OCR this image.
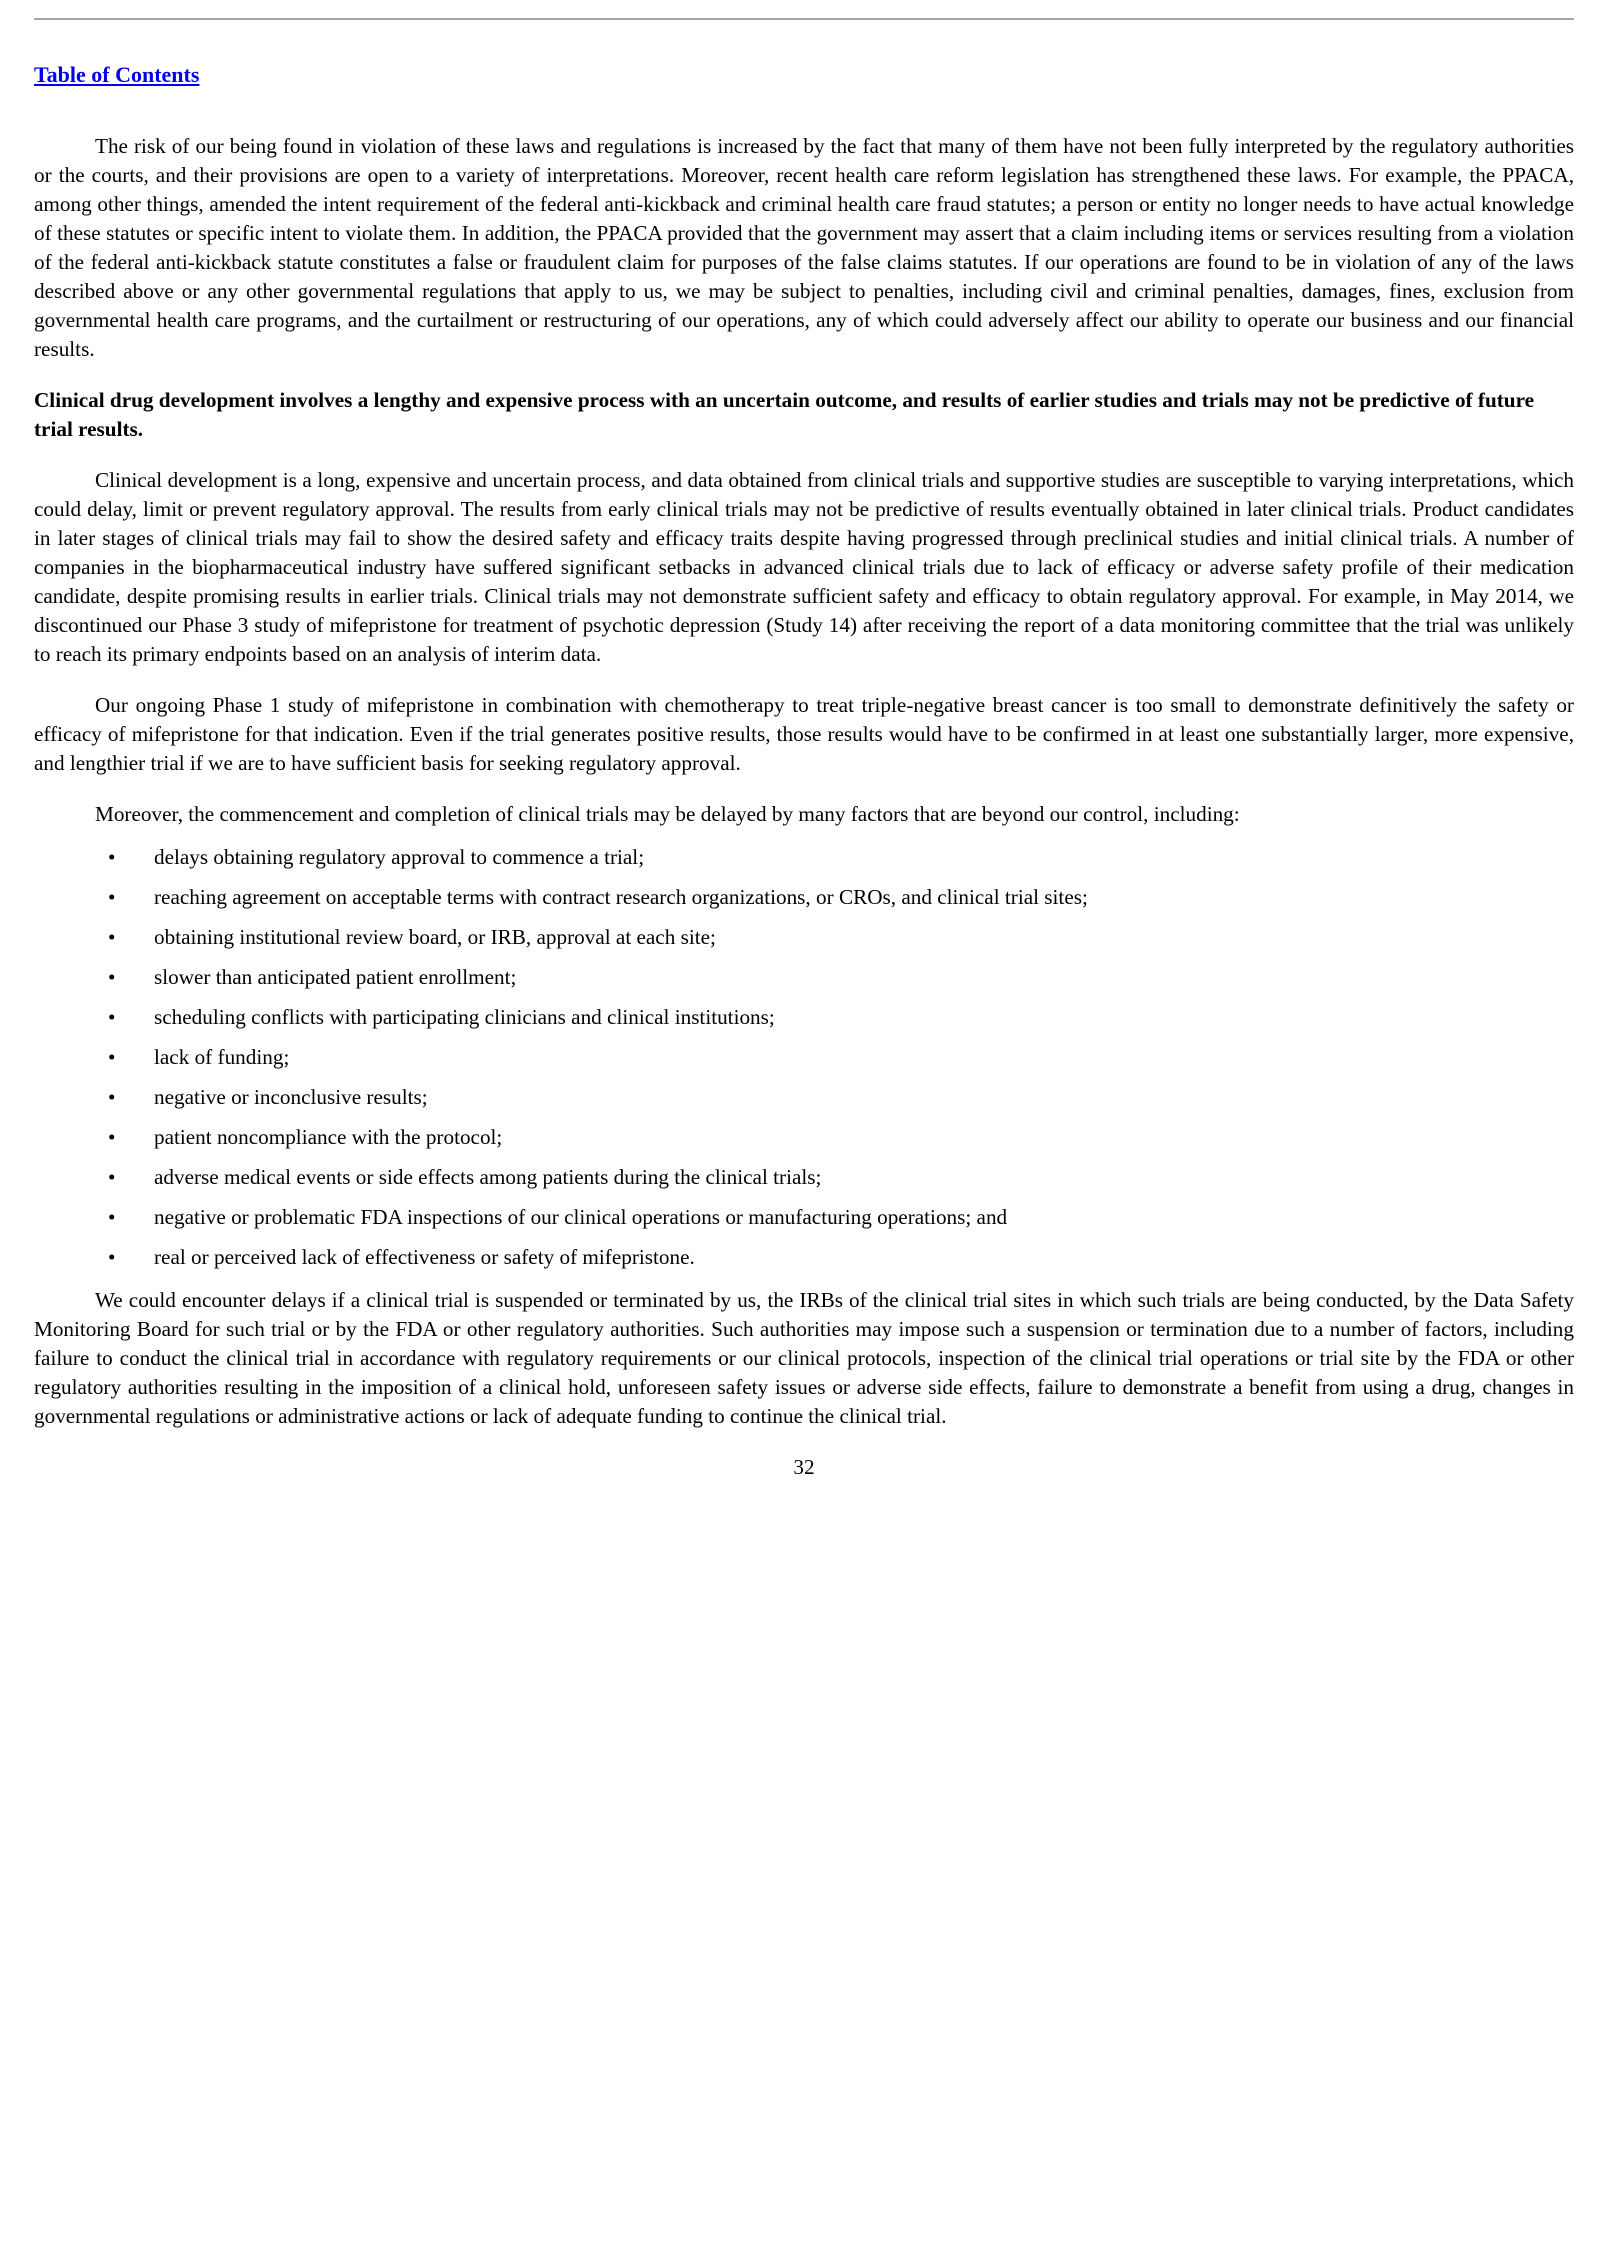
Table of Contents

The risk of our being found in violation of these laws and regulations is increased by the fact that many of them have not been fully interpreted by the regulatory authorities or the courts, and their provisions are open to a variety of interpretations. Moreover, recent health care reform legislation has strengthened these laws. For example, the PPACA, among other things, amended the intent requirement of the federal anti-kickback and criminal health care fraud statutes; a person or entity no longer needs to have actual knowledge of these statutes or specific intent to violate them. In addition, the PPACA provided that the government may assert that a claim including items or services resulting from a violation of the federal anti-kickback statute constitutes a false or fraudulent claim for purposes of the false claims statutes. If our operations are found to be in violation of any of the laws described above or any other governmental regulations that apply to us, we may be subject to penalties, including civil and criminal penalties, damages, fines, exclusion from governmental health care programs, and the curtailment or restructuring of our operations, any of which could adversely affect our ability to operate our business and our financial results.

Clinical drug development involves a lengthy and expensive process with an uncertain outcome, and results of earlier studies and trials may not be predictive of future trial results.

Clinical development is a long, expensive and uncertain process, and data obtained from clinical trials and supportive studies are susceptible to varying interpretations, which could delay, limit or prevent regulatory approval. The results from early clinical trials may not be predictive of results eventually obtained in later clinical trials. Product candidates in later stages of clinical trials may fail to show the desired safety and efficacy traits despite having progressed through preclinical studies and initial clinical trials. A number of companies in the biopharmaceutical industry have suffered significant setbacks in advanced clinical trials due to lack of efficacy or adverse safety profile of their medication candidate, despite promising results in earlier trials. Clinical trials may not demonstrate sufficient safety and efficacy to obtain regulatory approval. For example, in May 2014, we discontinued our Phase 3 study of mifepristone for treatment of psychotic depression (Study 14) after receiving the report of a data monitoring committee that the trial was unlikely to reach its primary endpoints based on an analysis of interim data.

Our ongoing Phase 1 study of mifepristone in combination with chemotherapy to treat triple-negative breast cancer is too small to demonstrate definitively the safety or efficacy of mifepristone for that indication. Even if the trial generates positive results, those results would have to be confirmed in at least one substantially larger, more expensive, and lengthier trial if we are to have sufficient basis for seeking regulatory approval.

Moreover, the commencement and completion of clinical trials may be delayed by many factors that are beyond our control, including:

• delays obtaining regulatory approval to commence a trial;
• reaching agreement on acceptable terms with contract research organizations, or CROs, and clinical trial sites;
• obtaining institutional review board, or IRB, approval at each site;
• slower than anticipated patient enrollment;
• scheduling conflicts with participating clinicians and clinical institutions;
• lack of funding;
• negative or inconclusive results;
• patient noncompliance with the protocol;
• adverse medical events or side effects among patients during the clinical trials;
• negative or problematic FDA inspections of our clinical operations or manufacturing operations; and
• real or perceived lack of effectiveness or safety of mifepristone.

We could encounter delays if a clinical trial is suspended or terminated by us, the IRBs of the clinical trial sites in which such trials are being conducted, by the Data Safety Monitoring Board for such trial or by the FDA or other regulatory authorities. Such authorities may impose such a suspension or termination due to a number of factors, including failure to conduct the clinical trial in accordance with regulatory requirements or our clinical protocols, inspection of the clinical trial operations or trial site by the FDA or other regulatory authorities resulting in the imposition of a clinical hold, unforeseen safety issues or adverse side effects, failure to demonstrate a benefit from using a drug, changes in governmental regulations or administrative actions or lack of adequate funding to continue the clinical trial.

32
